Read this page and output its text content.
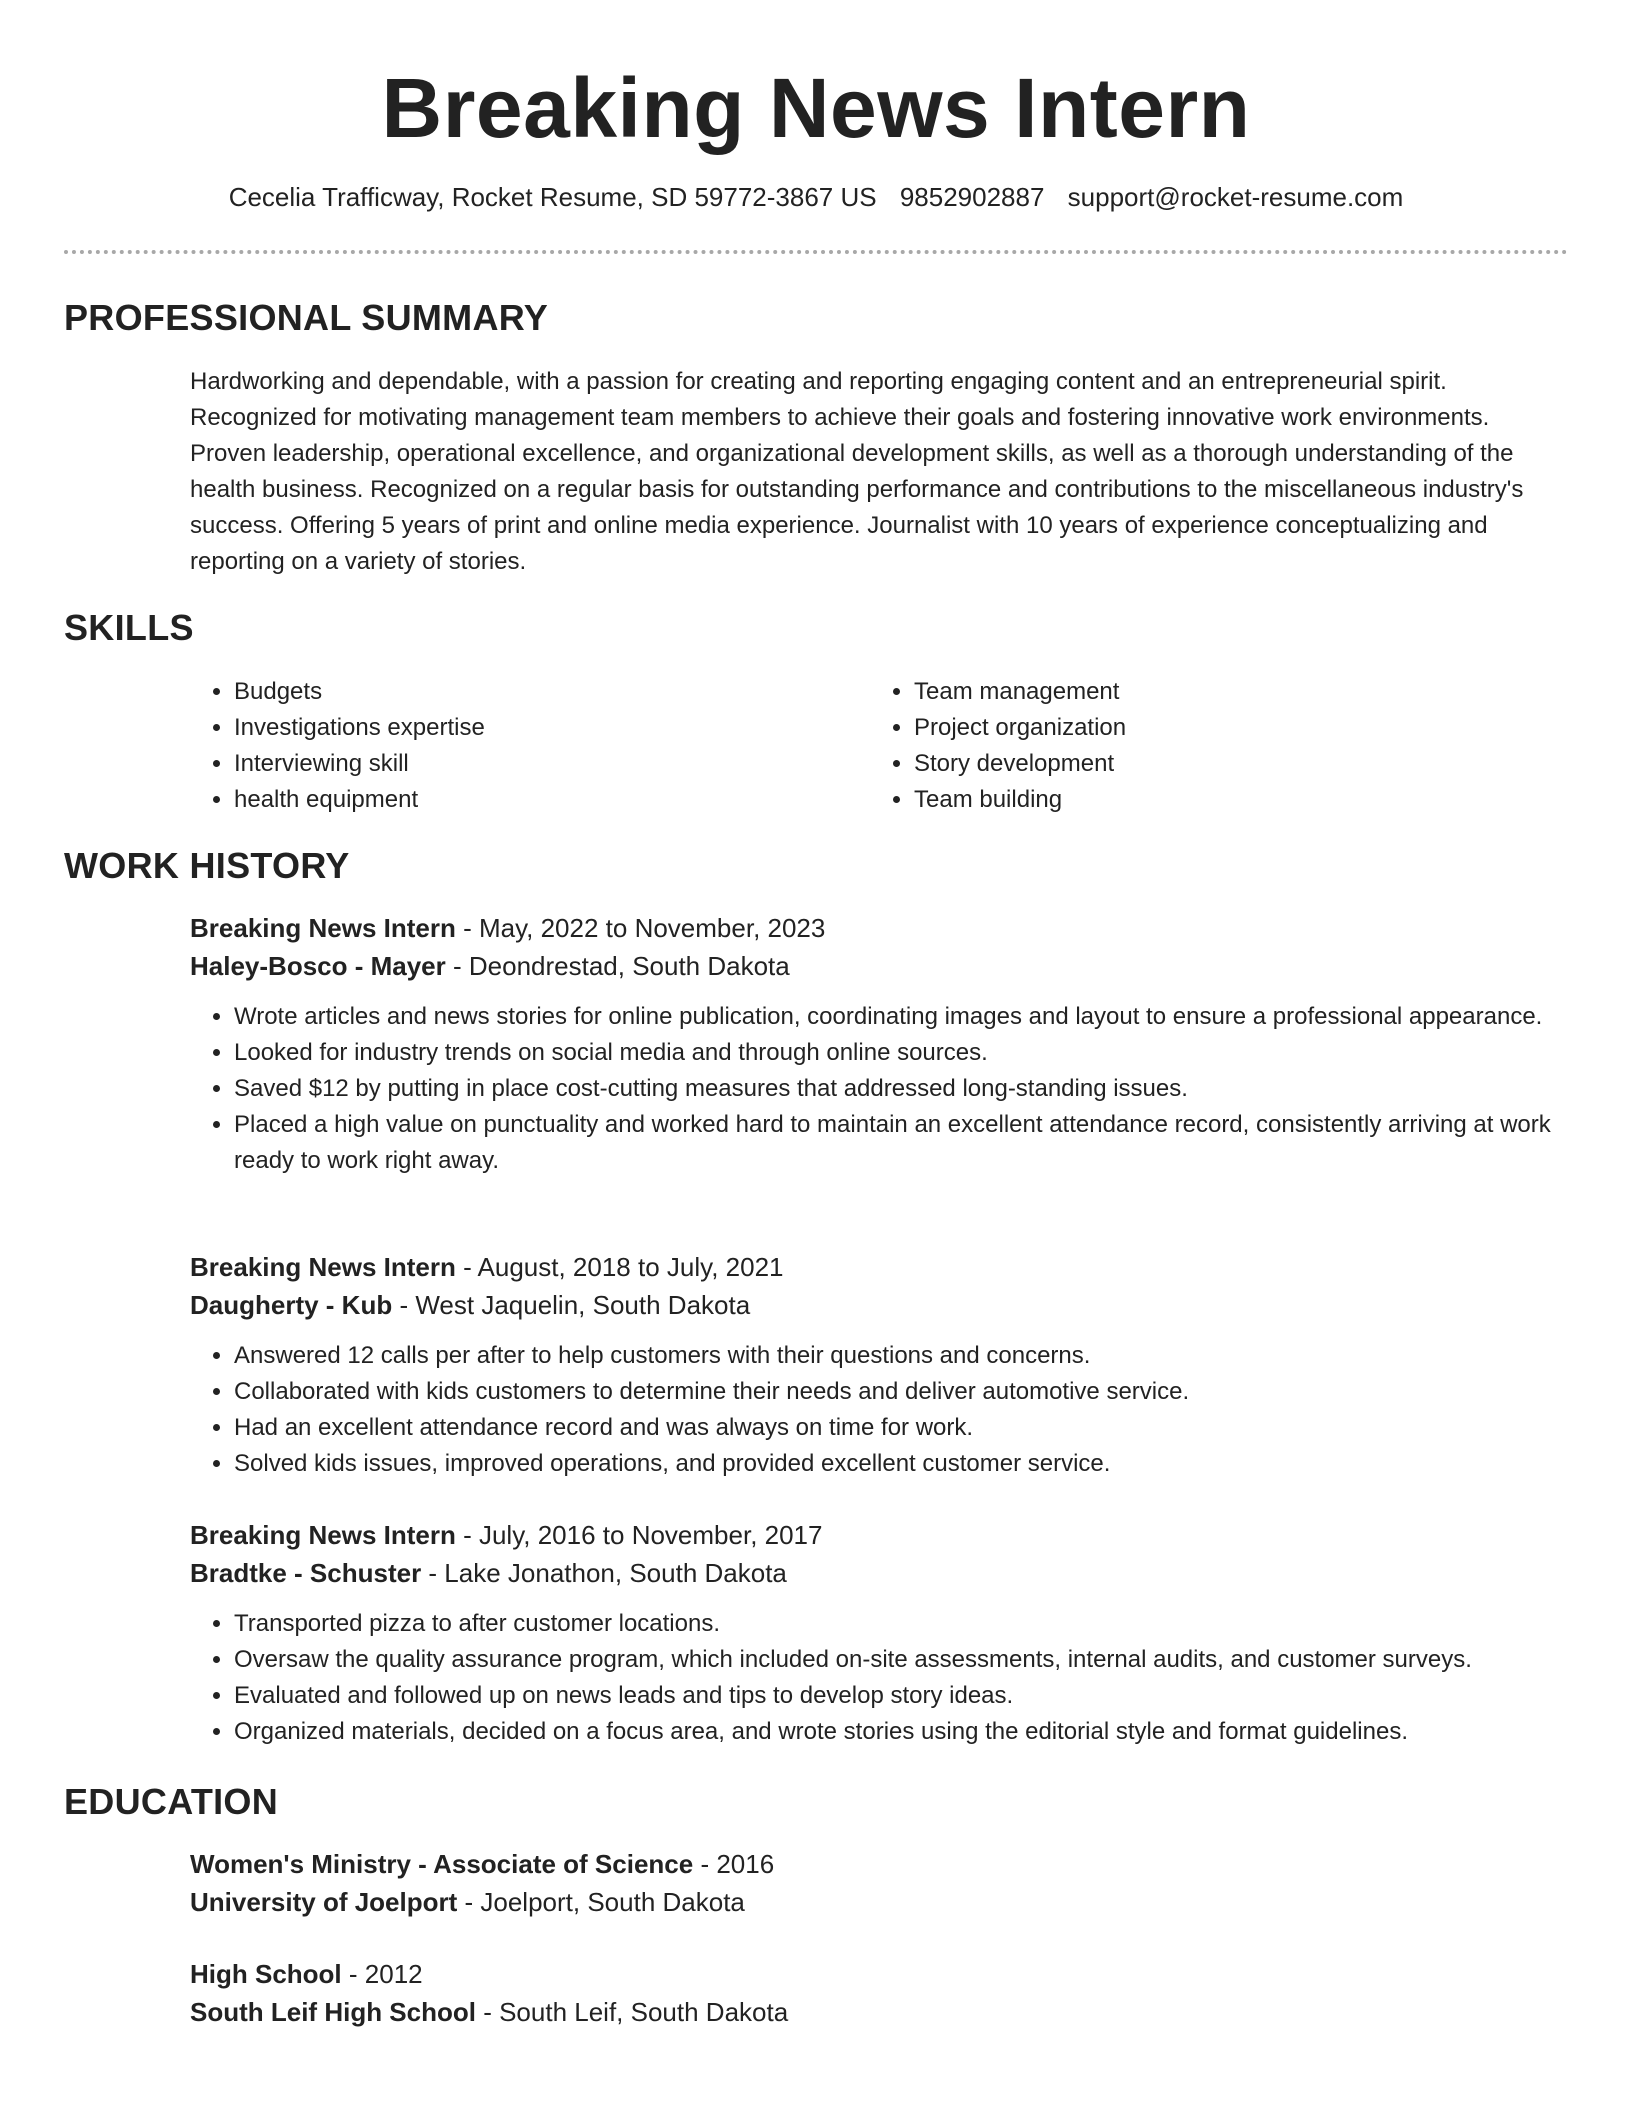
Breaking News Intern
Cecelia Trafficway, Rocket Resume, SD 59772-3867 US 9852902887 support@rocket-resume.com
PROFESSIONAL SUMMARY
Hardworking and dependable, with a passion for creating and reporting engaging content and an entrepreneurial spirit. Recognized for motivating management team members to achieve their goals and fostering innovative work environments. Proven leadership, operational excellence, and organizational development skills, as well as a thorough understanding of the health business. Recognized on a regular basis for outstanding performance and contributions to the miscellaneous industry's success. Offering 5 years of print and online media experience. Journalist with 10 years of experience conceptualizing and reporting on a variety of stories.
SKILLS
• Budgets
• Investigations expertise
• Interviewing skill
• health equipment
• Team management
• Project organization
• Story development
• Team building
WORK HISTORY
Breaking News Intern - May, 2022 to November, 2023
Haley-Bosco - Mayer - Deondrestad, South Dakota
• Wrote articles and news stories for online publication, coordinating images and layout to ensure a professional appearance.
• Looked for industry trends on social media and through online sources.
• Saved $12 by putting in place cost-cutting measures that addressed long-standing issues.
• Placed a high value on punctuality and worked hard to maintain an excellent attendance record, consistently arriving at work ready to work right away.
Breaking News Intern - August, 2018 to July, 2021
Daugherty - Kub - West Jaquelin, South Dakota
• Answered 12 calls per after to help customers with their questions and concerns.
• Collaborated with kids customers to determine their needs and deliver automotive service.
• Had an excellent attendance record and was always on time for work.
• Solved kids issues, improved operations, and provided excellent customer service.
Breaking News Intern - July, 2016 to November, 2017
Bradtke - Schuster - Lake Jonathon, South Dakota
• Transported pizza to after customer locations.
• Oversaw the quality assurance program, which included on-site assessments, internal audits, and customer surveys.
• Evaluated and followed up on news leads and tips to develop story ideas.
• Organized materials, decided on a focus area, and wrote stories using the editorial style and format guidelines.
EDUCATION
Women's Ministry - Associate of Science - 2016
University of Joelport - Joelport, South Dakota
High School - 2012
South Leif High School - South Leif, South Dakota
